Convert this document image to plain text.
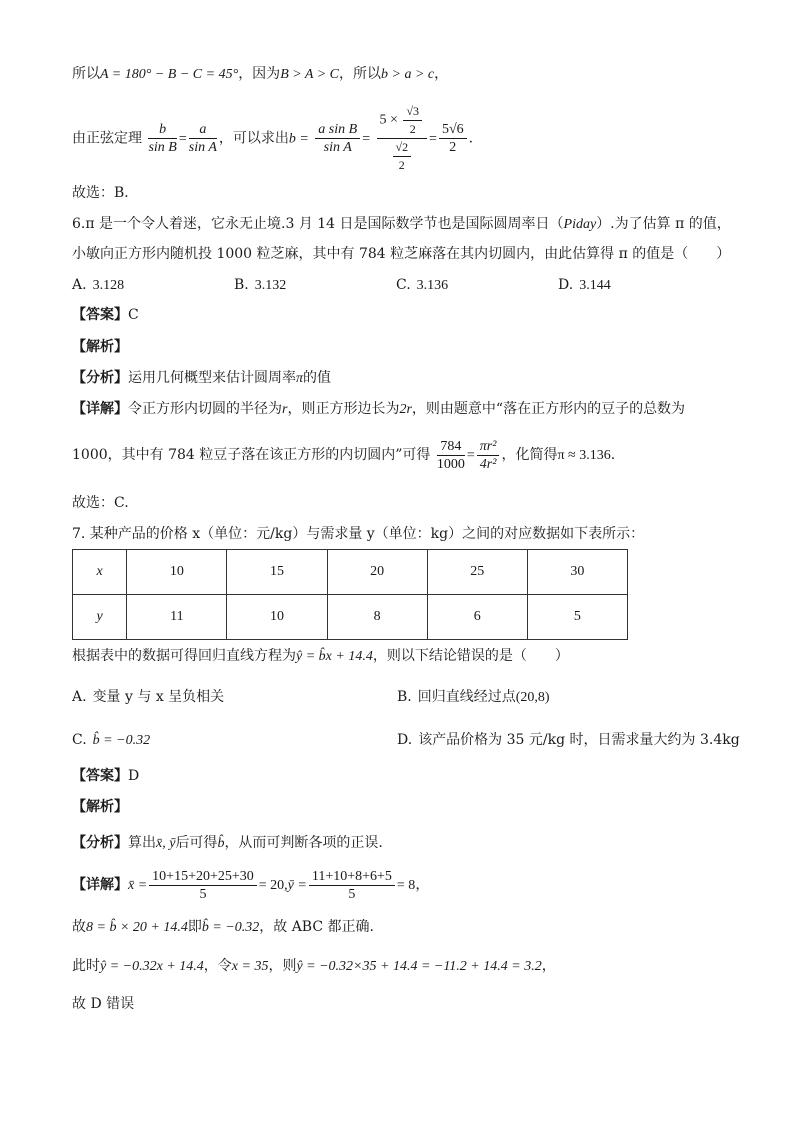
所以A = 180° − B − C = 45°，因为B > A > C，所以b > a > c，
由正弦定理 $\frac{b}{\text{sin B}} = \frac{a}{\text{sin A}}$ ，可以求出$b = \frac{\text{a sin B}}{\text{sin A}} = \frac{5 \times \frac{√3}{2}}{\frac{√2}{2}} = \frac{5√6}{2}$ .
故选：B．
6.π 是一个令人着迷，它永无止境.3 月 14 日是国际数学节也是国际圆周率日（Piday）.为了估算 π 的值，
小敏向正方形内随机投 1000 粒芝麻，其中有 784 粒芝麻落在其内切圆内，由此估算得 π 的值是（　　）
A. 3.128	B. 3.132	C. 3.136	D. 3.144
【答案】C
【解析】
【分析】运用几何概型来估计圆周率π的值
【详解】令正方形内切圆的半径为r，则正方形边长为2r，则由题意中“落在正方形内的豆子的总数为
1000，其中有 784 粒豆子落在该正方形的内切圆内”可得 $\frac{784}{1000} = \frac{\text{πr²}}{\text{4r²}}$ ，化简得π ≈ 3.136.
故选：C.
7. 某种产品的价格 x（单位：元/kg）与需求量 y（单位：kg）之间的对应数据如下表所示：
x	10	15	20	25	30
y	11	10	8	6	5
根据表中的数据可得回归直线方程为ŷ = b̂x + 14.4，则以下结论错误的是（　　）
A. 变量 y 与 x 呈负相关	B. 回归直线经过点(20,8)
C. b̂ = −0.32	D. 该产品价格为 35 元/kg 时，日需求量大约为 3.4kg
【答案】D
【解析】
【分析】算出x̄, ȳ后可得b̂，从而可判断各项的正误.
【详解】x̄ = $\frac{10+15+20+25+30}{5}$ = 20,ȳ = $\frac{11+10+8+6+5}{5} = 8$，
故8 = b̂ × 20 + 14.4即b̂ = −0.32，故 ABC 都正确.
此时ŷ = −0.32x + 14.4，令x = 35，则ŷ = −0.32×35 + 14.4 = −11.2 + 14.4 = 3.2，
故 D 错误
